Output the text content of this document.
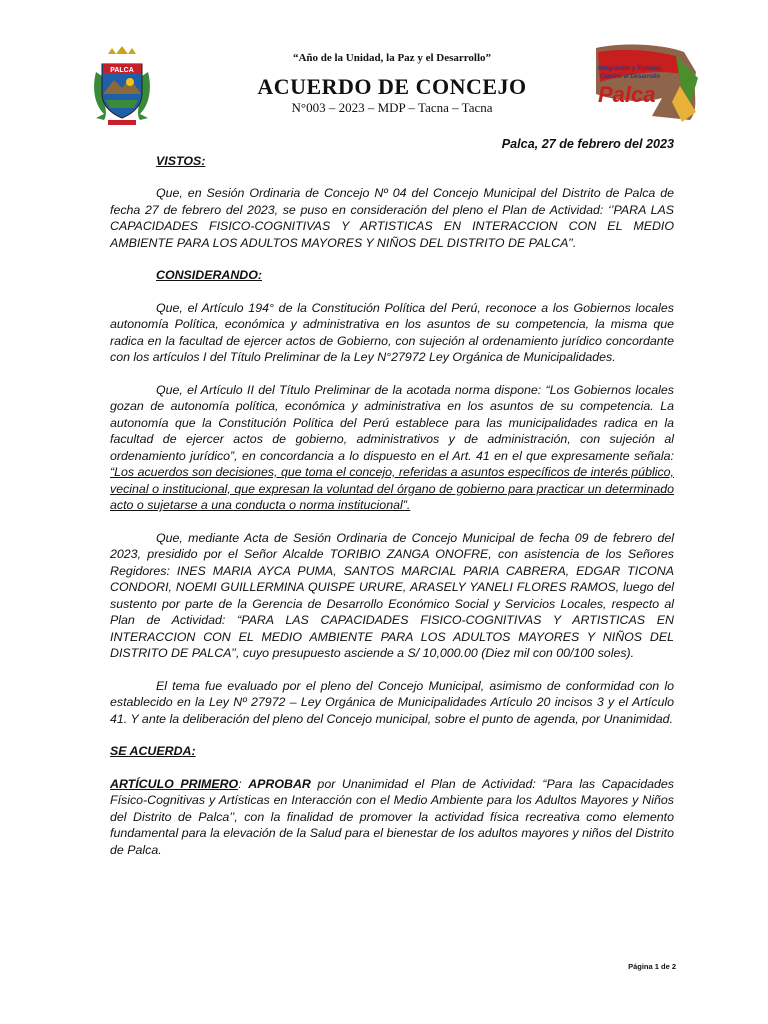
PALCA	Integración y Turismo,
Camino al Desarrollo
Palca
“Año de la Unidad, la Paz y el Desarrollo”
ACUERDO DE CONCEJO
N°003 – 2023 – MDP – Tacna – Tacna

Palca, 27 de febrero del 2023

VISTOS:

Que, en Sesión Ordinaria de Concejo Nº 04 del Concejo Municipal del Distrito de Palca de fecha 27 de febrero del 2023, se puso en consideración del pleno el Plan de Actividad: ‘’PARA LAS CAPACIDADES FISICO-COGNITIVAS Y ARTISTICAS EN INTERACCION CON EL MEDIO AMBIENTE PARA LOS ADULTOS MAYORES Y NIÑOS DEL DISTRITO DE PALCA’’.

CONSIDERANDO:

Que, el Artículo 194° de la Constitución Política del Perú, reconoce a los Gobiernos locales autonomía Política, económica y administrativa en los asuntos de su competencia, la misma que radica en la facultad de ejercer actos de Gobierno, con sujeción al ordenamiento jurídico concordante con los artículos I del Título Preliminar de la Ley N°27972 Ley Orgánica de Municipalidades.

Que, el Artículo II del Título Preliminar de la acotada norma dispone: “Los Gobiernos locales gozan de autonomía política, económica y administrativa en los asuntos de su competencia. La autonomía que la Constitución Política del Perú establece para las municipalidades radica en la facultad de ejercer actos de gobierno, administrativos y de administración, con sujeción al ordenamiento jurídico”, en concordancia a lo dispuesto en el Art. 41 en el que expresamente señala: “Los acuerdos son decisiones, que toma el concejo, referidas a asuntos específicos de interés público, vecinal o institucional, que expresan la voluntad del órgano de gobierno para practicar un determinado acto o sujetarse a una conducta o norma institucional”.

Que, mediante Acta de Sesión Ordinaria de Concejo Municipal de fecha 09 de febrero del 2023, presidido por el Señor Alcalde TORIBIO ZANGA ONOFRE, con asistencia de los Señores Regidores: INES MARIA AYCA PUMA, SANTOS MARCIAL PARIA CABRERA, EDGAR TICONA CONDORI, NOEMI GUILLERMINA QUISPE URURE, ARASELY YANELI FLORES RAMOS, luego del sustento por parte de la Gerencia de Desarrollo Económico Social y Servicios Locales, respecto al Plan de Actividad: “PARA LAS CAPACIDADES FISICO-COGNITIVAS Y ARTISTICAS EN INTERACCION CON EL MEDIO AMBIENTE PARA LOS ADULTOS MAYORES Y NIÑOS DEL DISTRITO DE PALCA’’, cuyo presupuesto asciende a S/ 10,000.00 (Diez mil con 00/100 soles).

El tema fue evaluado por el pleno del Concejo Municipal, asimismo de conformidad con lo establecido en la Ley Nº 27972 – Ley Orgánica de Municipalidades Artículo 20 incisos 3 y el Artículo 41. Y ante la deliberación del pleno del Concejo municipal, sobre el punto de agenda, por Unanimidad.

SE ACUERDA:

ARTÍCULO PRIMERO: APROBAR por Unanimidad el Plan de Actividad: “Para las Capacidades Físico-Cognitivas y Artísticas en Interacción con el Medio Ambiente para los Adultos Mayores y Niños del Distrito de Palca’’, con la finalidad de promover la actividad física recreativa como elemento fundamental para la elevación de la Salud para el bienestar de los adultos mayores y niños del Distrito de Palca.

Página 1 de 2
